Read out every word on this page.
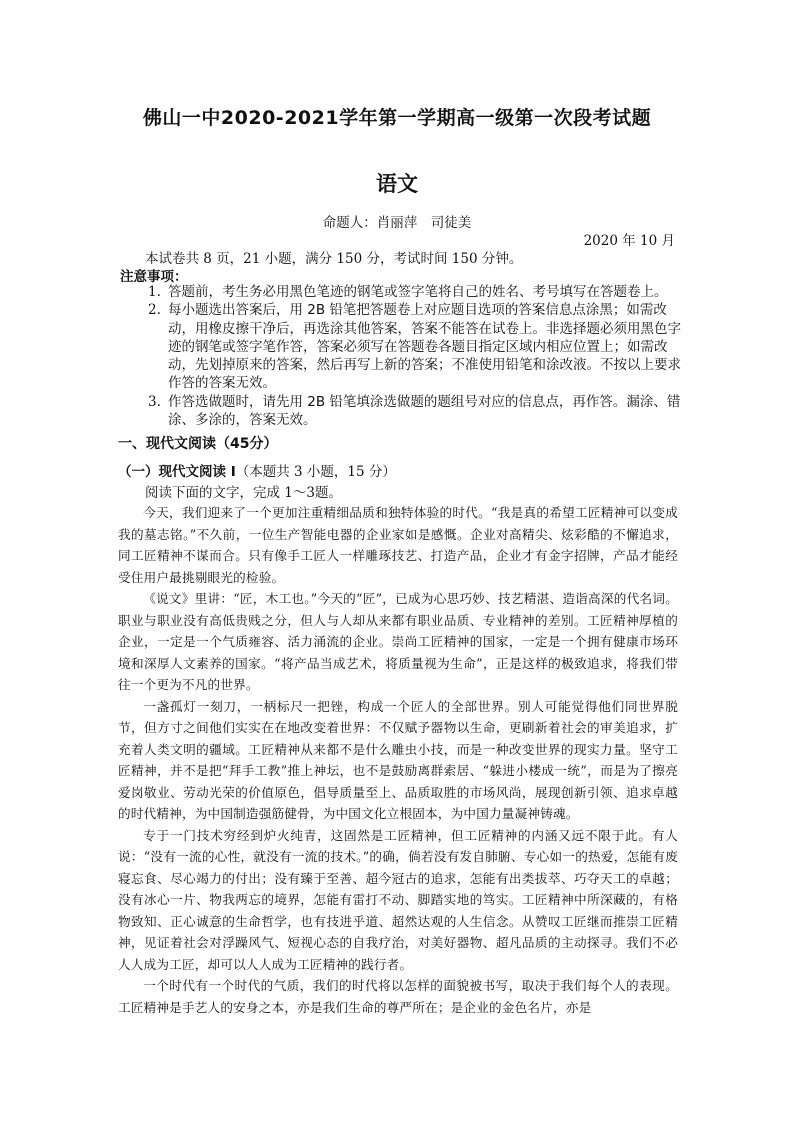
佛山一中2020-2021学年第一学期高一级第一次段考试题
语文
命题人：肖丽萍　司徒美
2020 年 10 月
本试卷共 8 页，21 小题，满分 150 分，考试时间 150 分钟。
注意事项：
1. 答题前，考生务必用黑色笔迹的钢笔或签字笔将自己的姓名、考号填写在答题卷上。
2. 每小题选出答案后，用 2B 铅笔把答题卷上对应题目选项的答案信息点涂黑；如需改动，用橡皮擦干净后，再选涂其他答案，答案不能答在试卷上。非选择题必须用黑色字迹的钢笔或签字笔作答，答案必须写在答题卷各题目指定区域内相应位置上；如需改动，先划掉原来的答案，然后再写上新的答案；不准使用铅笔和涂改液。不按以上要求作答的答案无效。
3. 作答选做题时，请先用 2B 铅笔填涂选做题的题组号对应的信息点，再作答。漏涂、错涂、多涂的，答案无效。
一、现代文阅读（45分）
（一）现代文阅读 I（本题共 3 小题，15 分）
阅读下面的文字，完成 1～3题。

今天，我们迎来了一个更加注重精细品质和独特体验的时代。“我是真的希望工匠精神可以变成我的墓志铭。”不久前，一位生产智能电器的企业家如是感慨。企业对高精尖、炫彩酷的不懈追求，同工匠精神不谋而合。只有像手工匠人一样雕琢技艺、打造产品，企业才有金字招牌，产品才能经受住用户最挑剔眼光的检验。

《说文》里讲：“匠，木工也。”今天的“匠”，已成为心思巧妙、技艺精湛、造诣高深的代名词。职业与职业没有高低贵贱之分，但人与人却从来都有职业品质、专业精神的差别。工匠精神厚植的企业，一定是一个气质雍容、活力涌流的企业。崇尚工匠精神的国家，一定是一个拥有健康市场环境和深厚人文素养的国家。“将产品当成艺术，将质量视为生命”，正是这样的极致追求，将我们带往一个更为不凡的世界。

一盏孤灯一刻刀，一柄标尺一把锉，构成一个匠人的全部世界。别人可能觉得他们同世界脱节，但方寸之间他们实实在在地改变着世界：不仅赋予器物以生命，更刷新着社会的审美追求，扩充着人类文明的疆域。工匠精神从来都不是什么雕虫小技，而是一种改变世界的现实力量。坚守工匠精神，并不是把“拜手工教”推上神坛，也不是鼓励离群索居、“躲进小楼成一统”，而是为了擦亮爱岗敬业、劳动光荣的价值原色，倡导质量至上、品质取胜的市场风尚，展现创新引领、追求卓越的时代精神，为中国制造强筋健骨，为中国文化立根固本，为中国力量凝神铸魂。

专于一门技术穷经到炉火纯青，这固然是工匠精神，但工匠精神的内涵又远不限于此。有人说：“没有一流的心性，就没有一流的技术。”的确，倘若没有发自肺腑、专心如一的热爱，怎能有废寝忘食、尽心竭力的付出；没有臻于至善、超今冠古的追求，怎能有出类拔萃、巧夺天工的卓越；没有冰心一片、物我两忘的境界，怎能有雷打不动、脚踏实地的笃实。工匠精神中所深藏的，有格物致知、正心诚意的生命哲学，也有技进乎道、超然达观的人生信念。从赞叹工匠继而推崇工匠精神，见证着社会对浮躁风气、短视心态的自我疗治，对美好器物、超凡品质的主动探寻。我们不必人人成为工匠，却可以人人成为工匠精神的践行者。

一个时代有一个时代的气质，我们的时代将以怎样的面貌被书写，取决于我们每个人的表现。工匠精神是手艺人的安身之本，亦是我们生命的尊严所在；是企业的金色名片，亦是
